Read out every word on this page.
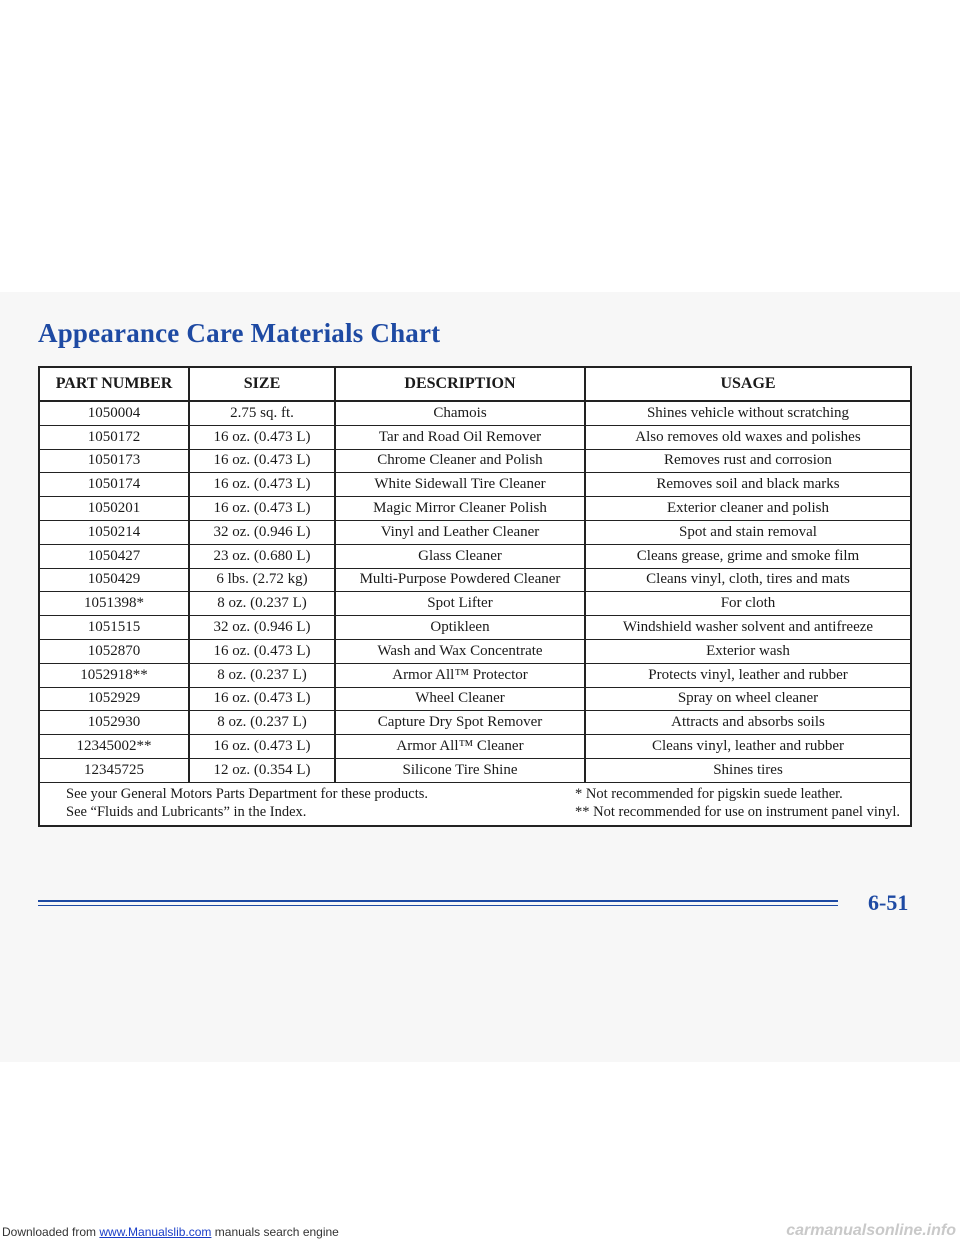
Appearance Care Materials Chart
PART NUMBER	SIZE	DESCRIPTION	USAGE
1050004	2.75 sq. ft.	Chamois	Shines vehicle without scratching
1050172	16 oz. (0.473 L)	Tar and Road Oil Remover	Also removes old waxes and polishes
1050173	16 oz. (0.473 L)	Chrome Cleaner and Polish	Removes rust and corrosion
1050174	16 oz. (0.473 L)	White Sidewall Tire Cleaner	Removes soil and black marks
1050201	16 oz. (0.473 L)	Magic Mirror Cleaner Polish	Exterior cleaner and polish
1050214	32 oz. (0.946 L)	Vinyl and Leather Cleaner	Spot and stain removal
1050427	23 oz. (0.680 L)	Glass Cleaner	Cleans grease, grime and smoke film
1050429	6 lbs. (2.72 kg)	Multi-Purpose Powdered Cleaner	Cleans vinyl, cloth, tires and mats
1051398*	8 oz. (0.237 L)	Spot Lifter	For cloth
1051515	32 oz. (0.946 L)	Optikleen	Windshield washer solvent and antifreeze
1052870	16 oz. (0.473 L)	Wash and Wax Concentrate	Exterior wash
1052918**	8 oz. (0.237 L)	Armor All™ Protector	Protects vinyl, leather and rubber
1052929	16 oz. (0.473 L)	Wheel Cleaner	Spray on wheel cleaner
1052930	8 oz. (0.237 L)	Capture Dry Spot Remover	Attracts and absorbs soils
12345002**	16 oz. (0.473 L)	Armor All™ Cleaner	Cleans vinyl, leather and rubber
12345725	12 oz. (0.354 L)	Silicone Tire Shine	Shines tires
See your General Motors Parts Department for these products.
See “Fluids and Lubricants” in the Index.
* Not recommended for pigskin suede leather.
** Not recommended for use on instrument panel vinyl.
6-51
Downloaded from www.Manualslib.com manuals search engine	carmanualsonline.info
